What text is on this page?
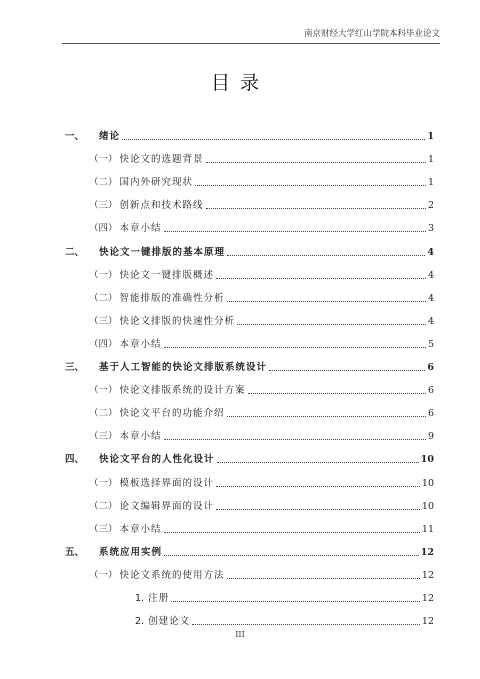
南京财经大学红山学院本科毕业论文
目录
一、	绪论	1
（一） 快论文的选题背景	1
（二） 国内外研究现状	1
（三） 创新点和技术路线	2
（四） 本章小结	3
二、	快论文一键排版的基本原理	4
（一） 快论文一键排版概述	4
（二） 智能排版的准确性分析	4
（三） 快论文排版的快速性分析	4
（四） 本章小结	5
三、	基于人工智能的快论文排版系统设计	6
（一） 快论文排版系统的设计方案	6
（二） 快论文平台的功能介绍	6
（三） 本章小结	9
四、	快论文平台的人性化设计	10
（一） 模板选择界面的设计	10
（二） 论文编辑界面的设计	10
（三） 本章小结	11
五、	系统应用实例	12
（一） 快论文系统的使用方法	12
1. 注册	12
2. 创建论文	12
III
